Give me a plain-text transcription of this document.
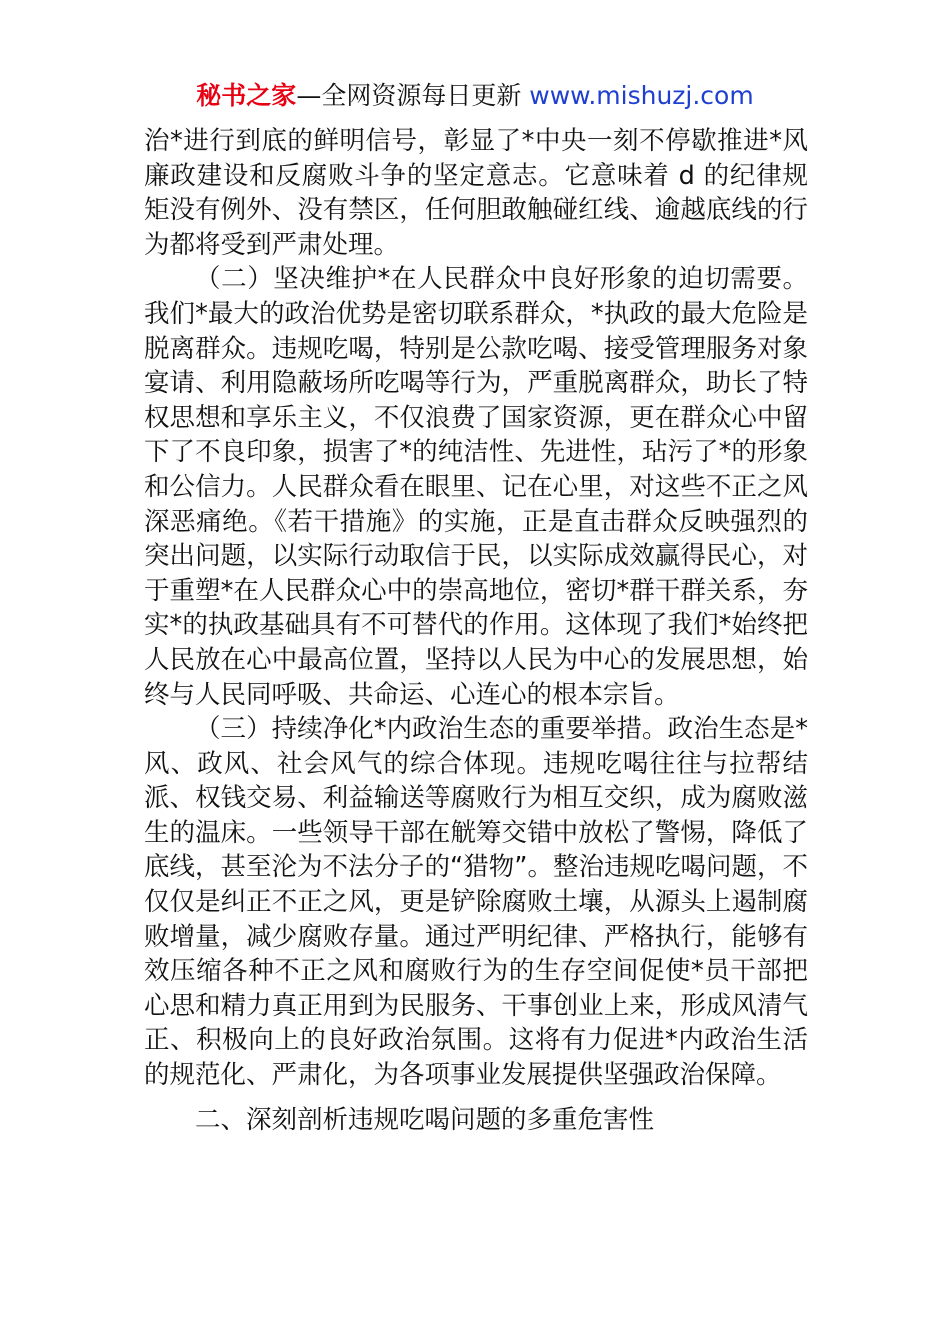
秘书之家—全网资源每日更新 www.mishuzj.com

治*进行到底的鲜明信号，彰显了*中央一刻不停歇推进*风廉政建设和反腐败斗争的坚定意志。它意味着 d 的纪律规矩没有例外、没有禁区，任何胆敢触碰红线、逾越底线的行为都将受到严肃处理。

（二）坚决维护*在人民群众中良好形象的迫切需要。我们*最大的政治优势是密切联系群众，*执政的最大危险是脱离群众。违规吃喝，特别是公款吃喝、接受管理服务对象宴请、利用隐蔽场所吃喝等行为，严重脱离群众，助长了特权思想和享乐主义，不仅浪费了国家资源，更在群众心中留下了不良印象，损害了*的纯洁性、先进性，玷污了*的形象和公信力。人民群众看在眼里、记在心里，对这些不正之风深恶痛绝。《若干措施》的实施，正是直击群众反映强烈的突出问题，以实际行动取信于民，以实际成效赢得民心，对于重塑*在人民群众心中的崇高地位，密切*群干群关系，夯实*的执政基础具有不可替代的作用。这体现了我们*始终把人民放在心中最高位置，坚持以人民为中心的发展思想，始终与人民同呼吸、共命运、心连心的根本宗旨。

（三）持续净化*内政治生态的重要举措。政治生态是*风、政风、社会风气的综合体现。违规吃喝往往与拉帮结派、权钱交易、利益输送等腐败行为相互交织，成为腐败滋生的温床。一些领导干部在觥筹交错中放松了警惕，降低了底线，甚至沦为不法分子的“猎物”。整治违规吃喝问题，不仅仅是纠正不正之风，更是铲除腐败土壤，从源头上遏制腐败增量，减少腐败存量。通过严明纪律、严格执行，能够有效压缩各种不正之风和腐败行为的生存空间促使*员干部把心思和精力真正用到为民服务、干事创业上来，形成风清气正、积极向上的良好政治氛围。这将有力促进*内政治生活的规范化、严肃化，为各项事业发展提供坚强政治保障。

二、深刻剖析违规吃喝问题的多重危害性
